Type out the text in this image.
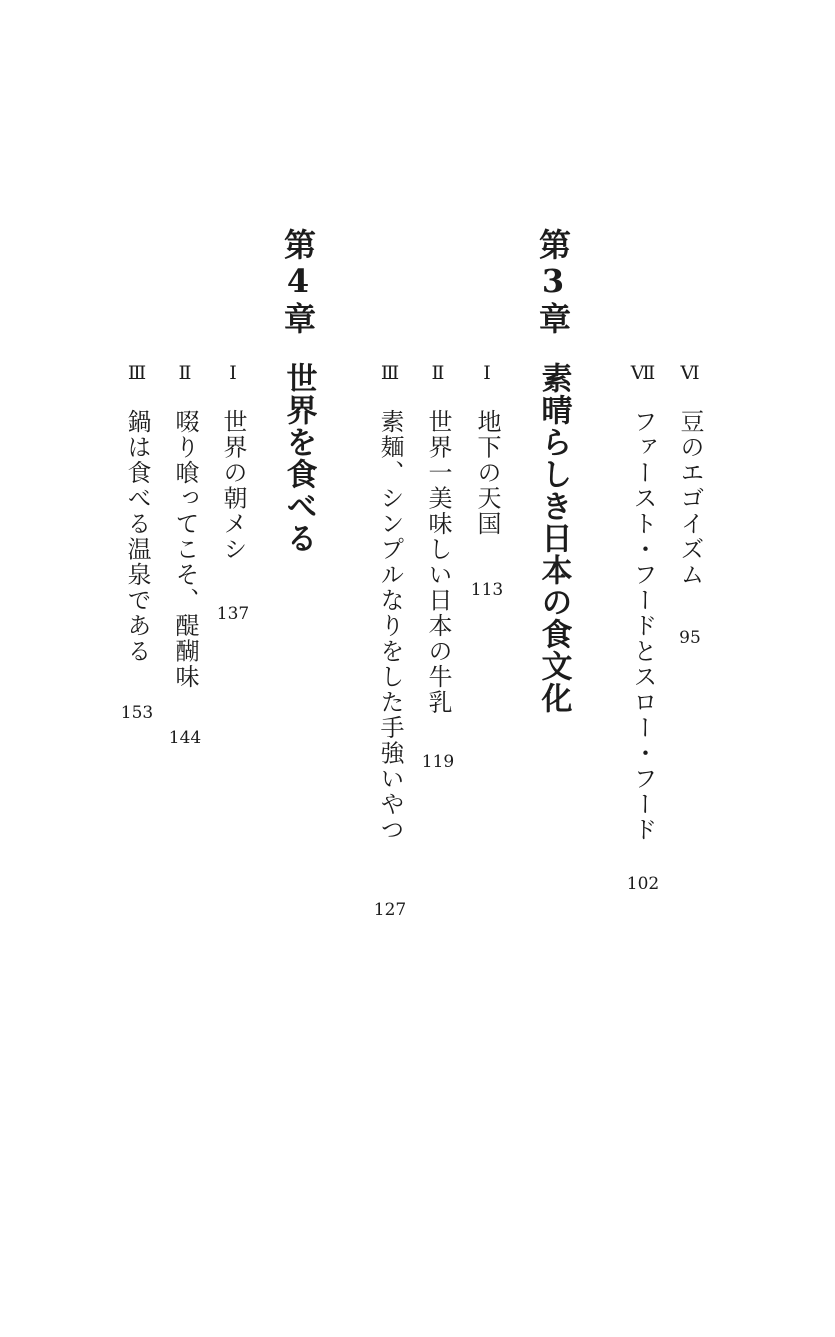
Ⅵ
豆のエゴイズム
95
Ⅶ
ファースト・フードとスロー・フード
102
第3章
素晴らしき日本の食文化
Ⅰ
地下の天国
113
Ⅱ
世界一美味しい日本の牛乳
119
Ⅲ
素麺、シンプルなりをした手強いやつ
127
第4章
世界を食べる
Ⅰ
世界の朝メシ
137
Ⅱ
啜り喰ってこそ、醍醐味
144
Ⅲ
鍋は食べる温泉である
153
